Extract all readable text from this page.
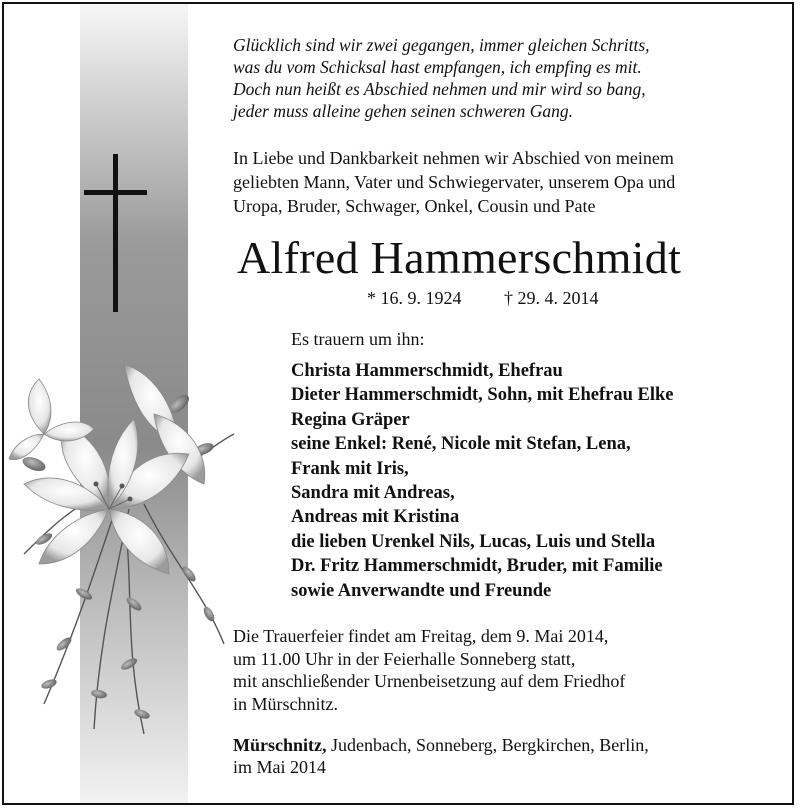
Glücklich sind wir zwei gegangen, immer gleichen Schritts,
was du vom Schicksal hast empfangen, ich empfing es mit.
Doch nun heißt es Abschied nehmen und mir wird so bang,
jeder muss alleine gehen seinen schweren Gang.
In Liebe und Dankbarkeit nehmen wir Abschied von meinem
geliebten Mann, Vater und Schwiegervater, unserem Opa und
Uropa, Bruder, Schwager, Onkel, Cousin und Pate
Alfred Hammerschmidt
* 16. 9. 1924 † 29. 4. 2014
Es trauern um ihn:
Christa Hammerschmidt, Ehefrau
Dieter Hammerschmidt, Sohn, mit Ehefrau Elke
Regina Gräper
seine Enkel: René, Nicole mit Stefan, Lena,
Frank mit Iris,
Sandra mit Andreas,
Andreas mit Kristina
die lieben Urenkel Nils, Lucas, Luis und Stella
Dr. Fritz Hammerschmidt, Bruder, mit Familie
sowie Anverwandte und Freunde
Die Trauerfeier findet am Freitag, dem 9. Mai 2014,
um 11.00 Uhr in der Feierhalle Sonneberg statt,
mit anschließender Urnenbeisetzung auf dem Friedhof
in Mürschnitz.
Mürschnitz, Judenbach, Sonneberg, Bergkirchen, Berlin,
im Mai 2014
